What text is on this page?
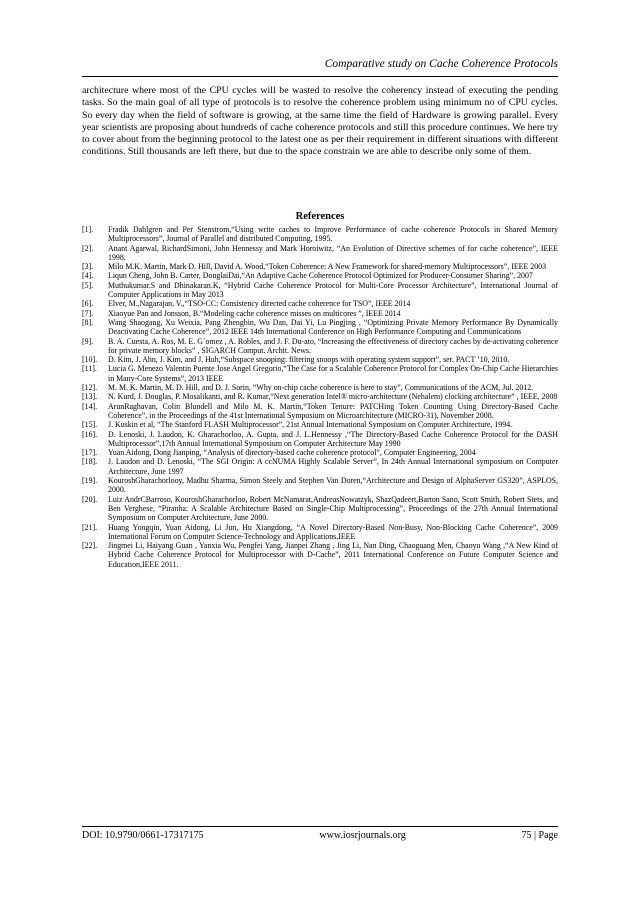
Comparative study on Cache Coherence Protocols
architecture where most of the CPU cycles will be wasted to resolve the coherency instead of executing the pending tasks. So the main goal of all type of protocols is to resolve the coherence problem using minimum no of CPU cycles. So every day when the field of software is growing, at the same time the field of Hardware is growing parallel. Every year scientists are proposing about hundreds of cache coherence protocols and still this procedure continues. We here try to cover about from the beginning protocol to the latest one as per their requirement in different situations with different conditions. Still thousands are left there, but due to the space constrain we are able to describe only some of them.
References
[1].	Fradik Dahlgren and Per Stenstrom,“Using write caches to Improve Performance of cache coherence Protocols in Shared Memory Multiprocessors”, Journal of Parallel and distributed Computing, 1995.
[2].	Anant Agarwal, RichardSimoni, John Hennessy and Mark Horoiwitz, “An Evolution of Directive schemes of for cache coherence”, IEEE 1998.
[3].	Milo M.K. Martin, Mark D. Hill, David A. Wood,“Token Coherence: A New Framework for shared-memory Multiprocessors”, IEEE 2003
[4].	Liqun Cheng, John B. Carter, DonglaiDai,“An Adaptive Cache Coherence Protocol Optimized for Producer-Consumer Sharing”, 2007
[5].	Muthukumar.S and Dhinakaran.K, “Hybrid Cache Coherence Protocol for Multi-Core Processor Architecture”, International Journal of Computer Applications in May 2013
[6].	Elver, M.,Nagarajan, V.,“TSO-CC: Consistency directed cache coherence for TSO”, IEEE 2014
[7].	Xiaoyue Pan and Jonsson, B.“Modeling cache coherence misses on multicores ”, IEEE 2014
[8].	Wang Shaogang, Xu Weixia, Pang Zhengbin, Wu Dan, Dai Yi, Lu Pingjing , “Optimizing Private Memory Performance By Dynamically Deactivating Cache Coherence”, 2012 IEEE 14th International Conference on High Performance Computing and Communications
[9].	B. A. Cuesta, A. Ros, M. E. G´omez , A. Robles, and J. F. Du-ato, “Increasing the effectiveness of directory caches by de-activating coherence for private memory blocks” , SIGARCH Comput. Archit. News.
[10].	D. Kim, J. Ahn, J. Kim, and J. Huh,“Subspace snooping: filtering snoops with operating system support”, ser. PACT ’10, 2010.
[11].	Lucia G. Menezo Valentin Puente Jose Angel Gregorio,“The Case for a Scalable Coherence Protocol for Complex On-Chip Cache Hierarchies in Many-Core Systems”, 2013 IEEE
[12].	M. M. K. Martin, M. D. Hill, and D. J. Sorin, “Why on-chip cache coherence is here to stay”, Communications of the ACM, Jul. 2012.
[13].	N. Kurd, J. Douglas, P. Mosalikanti, and R. Kumar,“Next generation Intel® micro-architecture (Nehalem) clocking architecture” , IEEE, 2008
[14].	ArunRaghavan, Colin Blundell and Milo M. K. Martin,“Token Tenure: PATCHing Token Counting Using Directory-Based Cache Coherence”, in the Proceedings of the 41st International Symposium on Microarchitecture (MICRO-31), November 2008.
[15].	J. Kuskin et al, “The Stanford FLASH Multiprocessor”, 21st Annual International Symposium on Computer Architecture, 1994.
[16].	D. Lenoski, J. Laudon, K. Gharachorloo, A. Gupta, and J. L.Hennessy ,“The Directory-Based Cache Coherence Protocol for the DASH Multiprocessor”,17th Annual International Symposium on Computer Architecture May 1990
[17].	Yuan Aidong, Dong Jianping, “Analysis of directory-based cache coherence protocol”, Computer Engineering, 2004
[18].	J. Laudon and D. Lenoski, “The SGI Origin: A ccNUMA Highly Scalable Server”, In 24th Annual International symposium on Computer Architecture, June 1997
[19].	KouroshGharachorlooy, Madhu Sharma, Simon Steely and Stephen Van Doren,“Architecture and Design of AlphaServer GS320”, ASPLOS, 2000.
[20].	Luiz AndrCBarroso, KouroshGharachorloo, Robert McNamarat,AndreasNowatzyk, ShazQadeert,Barton Sano, Scott Smith, Robert Stets, and Ben Verghese, “Piranha: A Scalable Architecture Based on Single-Chip Multiprocessing”, Proceedings of the 27th Annual International Symposium on Computer Architecture, June 2000.
[21].	Huang Yongqin, Yuan Aidong, Li Jun, Hu Xiangdong, “A Novel Directory-Based Non-Busy, Non-Blocking Cache Coherence”, 2009 International Forum on Computer Science-Technology and Applications,IEEE
[22].	Jingmei Li, Haiyang Guan , Yanxia Wu, Pengfei Yang, Jianpei Zhang , Jing Li, Nan Ding, Chaoguang Men, Chaoyu Wang ,“A New Kind of Hybrid Cache Coherence Protocol for Multiprocessor with D-Cache”, 2011 International Conference on Future Computer Science and Education,IEEE 2011.
DOI: 10.9790/0661-17317175	www.iosrjournals.org	75 | Page
